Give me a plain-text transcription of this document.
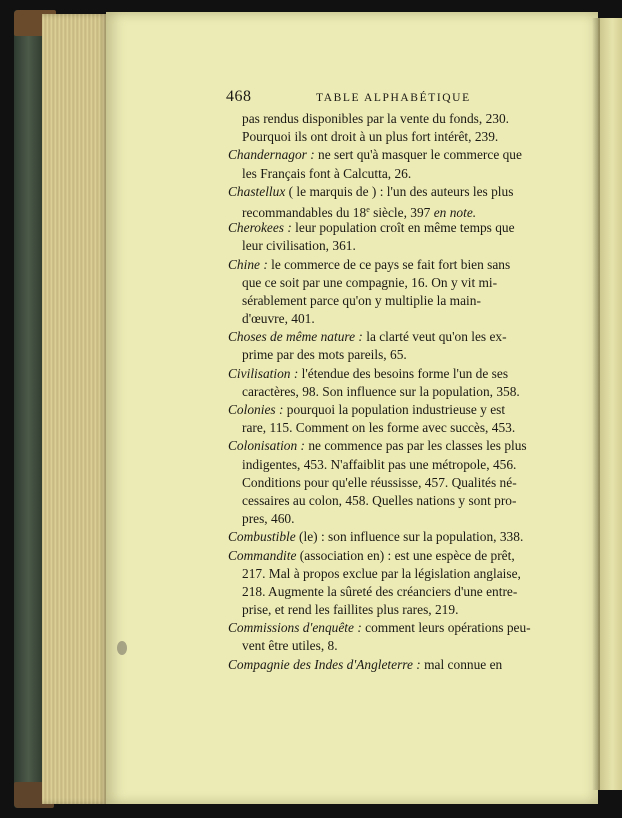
468	TABLE ALPHABÉTIQUE
pas rendus disponibles par la vente du fonds, 230.
Pourquoi ils ont droit à un plus fort intérêt, 239.
Chandernagor : ne sert qu'à masquer le commerce que
les Français font à Calcutta, 26.
Chastellux ( le marquis de ) : l'un des auteurs les plus
recommandables du 18e siècle, 397 en note.
Cherokees : leur population croît en même temps que
leur civilisation, 361.
Chine : le commerce de ce pays se fait fort bien sans
que ce soit par une compagnie, 16. On y vit mi-
sérablement parce qu'on y multiplie la main-
d'œuvre, 401.
Choses de même nature : la clarté veut qu'on les ex-
prime par des mots pareils, 65.
Civilisation : l'étendue des besoins forme l'un de ses
caractères, 98. Son influence sur la population, 358.
Colonies : pourquoi la population industrieuse y est
rare, 115. Comment on les forme avec succès, 453.
Colonisation : ne commence pas par les classes les plus
indigentes, 453. N'affaiblit pas une métropole, 456.
Conditions pour qu'elle réussisse, 457. Qualités né-
cessaires au colon, 458. Quelles nations y sont pro-
pres, 460.
Combustible (le) : son influence sur la population, 338.
Commandite (association en) : est une espèce de prêt,
217. Mal à propos exclue par la législation anglaise,
218. Augmente la sûreté des créanciers d'une entre-
prise, et rend les faillites plus rares, 219.
Commissions d'enquête : comment leurs opérations peu-
vent être utiles, 8.
Compagnie des Indes d'Angleterre : mal connue en
